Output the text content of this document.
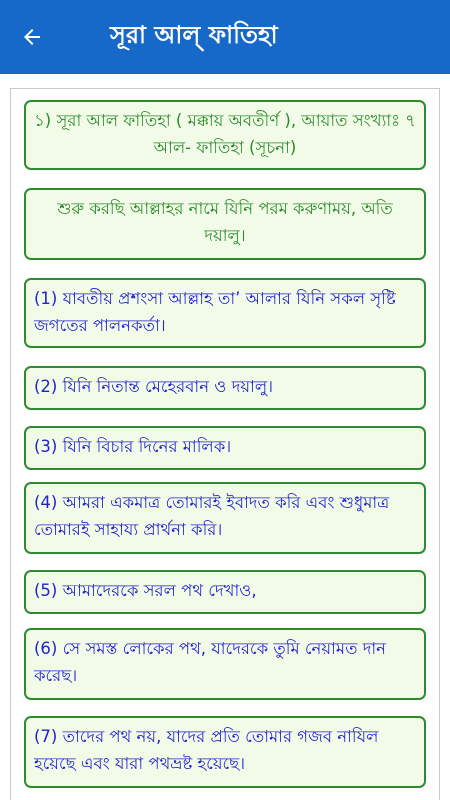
সূরা আল্ ফাতিহা
১) সূরা আল ফাতিহা ( মক্কায় অবতীর্ণ ), আয়াত সংখ্যাঃ ৭ আল- ফাতিহা (সূচনা)
শুরু করছি আল্লাহর নামে যিনি পরম করুণাময়, অতি দয়ালু।
(1) যাবতীয় প্রশংসা আল্লাহ তা’ আলার যিনি সকল সৃষ্টি জগতের পালনকর্তা।
(2) যিনি নিতান্ত মেহেরবান ও দয়ালু।
(3) যিনি বিচার দিনের মালিক।
(4) আমরা একমাত্র তোমারই ইবাদত করি এবং শুধুমাত্র তোমারই সাহায্য প্রার্থনা করি।
(5) আমাদেরকে সরল পথ দেখাও,
(6) সে সমস্ত লোকের পথ, যাদেরকে তুমি নেয়ামত দান করেছ।
(7) তাদের পথ নয়, যাদের প্রতি তোমার গজব নাযিল হয়েছে এবং যারা পথভ্রষ্ট হয়েছে।
